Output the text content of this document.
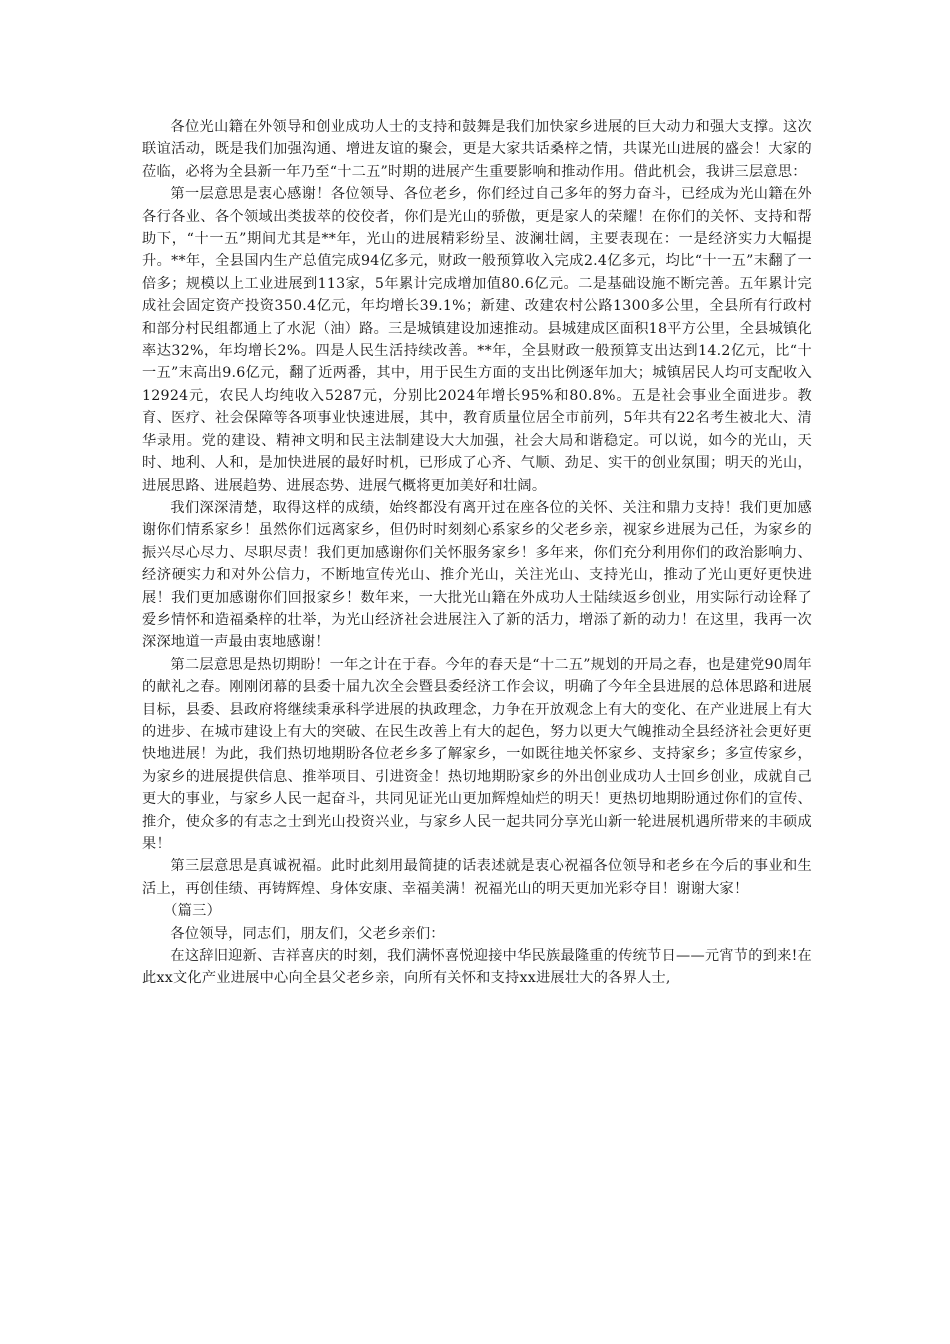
各位光山籍在外领导和创业成功人士的支持和鼓舞是我们加快家乡进展的巨大动力和强大支撑。这次联谊活动，既是我们加强沟通、增进友谊的聚会，更是大家共话桑梓之情，共谋光山进展的盛会！大家的莅临，必将为全县新一年乃至“十二五”时期的进展产生重要影响和推动作用。借此机会，我讲三层意思：

第一层意思是衷心感谢！各位领导、各位老乡，你们经过自己多年的努力奋斗，已经成为光山籍在外各行各业、各个领域出类拔萃的佼佼者，你们是光山的骄傲，更是家人的荣耀！在你们的关怀、支持和帮助下，“十一五”期间尤其是**年，光山的进展精彩纷呈、波澜壮阔，主要表现在：一是经济实力大幅提升。**年，全县国内生产总值完成94亿多元，财政一般预算收入完成2.4亿多元，均比“十一五”末翻了一倍多；规模以上工业进展到113家，5年累计完成增加值80.6亿元。二是基础设施不断完善。五年累计完成社会固定资产投资350.4亿元，年均增长39.1%；新建、改建农村公路1300多公里，全县所有行政村和部分村民组都通上了水泥（油）路。三是城镇建设加速推动。县城建成区面积18平方公里，全县城镇化率达32%，年均增长2%。四是人民生活持续改善。**年，全县财政一般预算支出达到14.2亿元，比“十一五”末高出9.6亿元，翻了近两番，其中，用于民生方面的支出比例逐年加大；城镇居民人均可支配收入12924元，农民人均纯收入5287元，分别比2024年增长95%和80.8%。五是社会事业全面进步。教育、医疗、社会保障等各项事业快速进展，其中，教育质量位居全市前列，5年共有22名考生被北大、清华录用。党的建设、精神文明和民主法制建设大大加强，社会大局和谐稳定。可以说，如今的光山，天时、地利、人和，是加快进展的最好时机，已形成了心齐、气顺、劲足、实干的创业氛围；明天的光山，进展思路、进展趋势、进展态势、进展气概将更加美好和壮阔。

我们深深清楚，取得这样的成绩，始终都没有离开过在座各位的关怀、关注和鼎力支持！我们更加感谢你们情系家乡！虽然你们远离家乡，但仍时时刻刻心系家乡的父老乡亲，视家乡进展为己任，为家乡的振兴尽心尽力、尽职尽责！我们更加感谢你们关怀服务家乡！多年来，你们充分利用你们的政治影响力、经济硬实力和对外公信力，不断地宣传光山、推介光山，关注光山、支持光山，推动了光山更好更快进展！我们更加感谢你们回报家乡！数年来，一大批光山籍在外成功人士陆续返乡创业，用实际行动诠释了爱乡情怀和造福桑梓的壮举，为光山经济社会进展注入了新的活力，增添了新的动力！在这里，我再一次深深地道一声最由衷地感谢！

第二层意思是热切期盼！一年之计在于春。今年的春天是“十二五”规划的开局之春，也是建党90周年的献礼之春。刚刚闭幕的县委十届九次全会暨县委经济工作会议，明确了今年全县进展的总体思路和进展目标，县委、县政府将继续秉承科学进展的执政理念，力争在开放观念上有大的变化、在产业进展上有大的进步、在城市建设上有大的突破、在民生改善上有大的起色，努力以更大气魄推动全县经济社会更好更快地进展！为此，我们热切地期盼各位老乡多了解家乡，一如既往地关怀家乡、支持家乡；多宣传家乡，为家乡的进展提供信息、推举项目、引进资金！热切地期盼家乡的外出创业成功人士回乡创业，成就自己更大的事业，与家乡人民一起奋斗，共同见证光山更加辉煌灿烂的明天！更热切地期盼通过你们的宣传、推介，使众多的有志之士到光山投资兴业，与家乡人民一起共同分享光山新一轮进展机遇所带来的丰硕成果！

第三层意思是真诚祝福。此时此刻用最简捷的话表述就是衷心祝福各位领导和老乡在今后的事业和生活上，再创佳绩、再铸辉煌、身体安康、幸福美满！祝福光山的明天更加光彩夺目！谢谢大家！

（篇三）

各位领导，同志们，朋友们，父老乡亲们：

在这辞旧迎新、吉祥喜庆的时刻，我们满怀喜悦迎接中华民族最隆重的传统节日——元宵节的到来!在此xx文化产业进展中心向全县父老乡亲，向所有关怀和支持xx进展壮大的各界人士,
